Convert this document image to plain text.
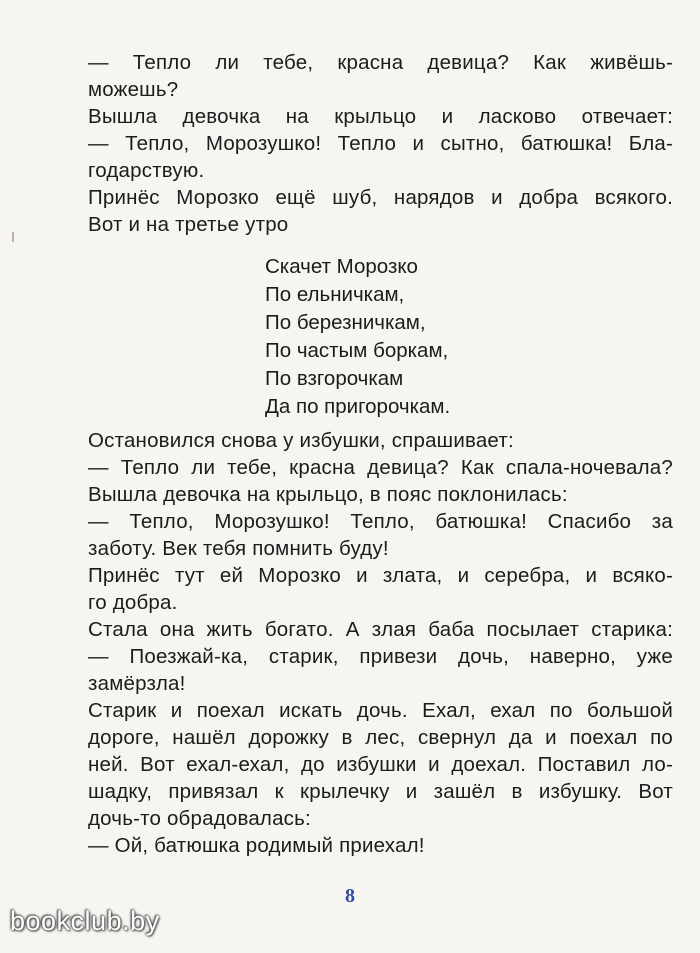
— Тепло ли тебе, красна девица? Как живёшь-
можешь?
Вышла девочка на крыльцо и ласково отвечает:
— Тепло, Морозушко! Тепло и сытно, батюшка! Бла-
годарствую.
Принёс Морозко ещё шуб, нарядов и добра всякого.
Вот и на третье утро
Скачет Морозко
По ельничкам,
По березничкам,
По частым боркам,
По взгорочкам
Да по пригорочкам.
Остановился снова у избушки, спрашивает:
— Тепло ли тебе, красна девица? Как спала-ночевала?
Вышла девочка на крыльцо, в пояс поклонилась:
— Тепло, Морозушко! Тепло, батюшка! Спасибо за
заботу. Век тебя помнить буду!
Принёс тут ей Морозко и злата, и серебра, и всяко-
го добра.
Стала она жить богато. А злая баба посылает старика:
— Поезжай-ка, старик, привези дочь, наверно, уже
замёрзла!
Старик и поехал искать дочь. Ехал, ехал по большой
дороге, нашёл дорожку в лес, свернул да и поехал по
ней. Вот ехал-ехал, до избушки и доехал. Поставил ло-
шадку, привязал к крылечку и зашёл в избушку. Вот
дочь-то обрадовалась:
— Ой, батюшка родимый приехал!
8
bookclub.by
